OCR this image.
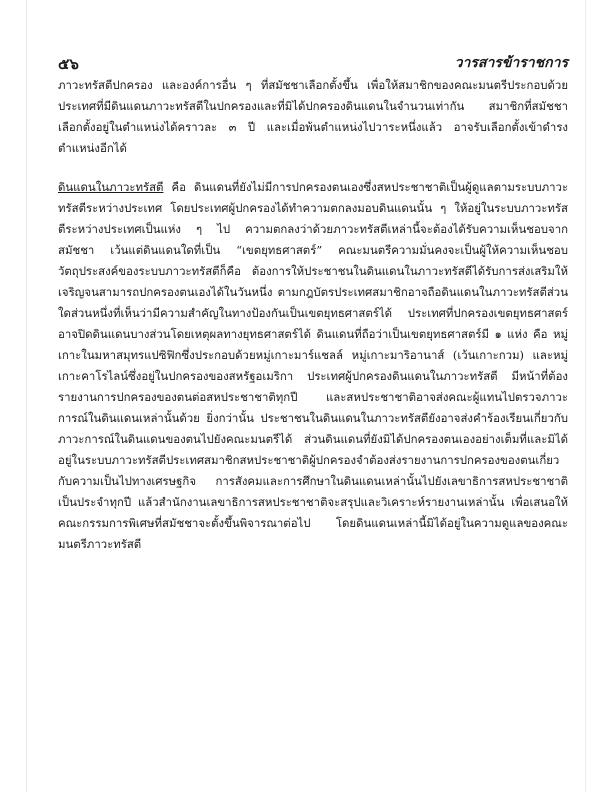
๕๖	วารสารข้าราชการ

ภาวะทรัสตีปกครอง และองค์การอื่น ๆ ที่สมัชชาเลือกตั้งขึ้น เพื่อให้สมาชิกของคณะมนตรีประกอบด้วยประเทศที่มีดินแดนภาวะทรัสตีในปกครองและที่มิได้ปกครองดินแดนในจำนวนเท่ากัน สมาชิกที่สมัชชาเลือกตั้งอยู่ในตำแหน่งได้คราวละ ๓ ปี และเมื่อพ้นตำแหน่งไปวาระหนึ่งแล้ว อาจรับเลือกตั้งเข้าดำรงตำแหน่งอีกได้

ดินแดนในภาวะทรัสตี คือ ดินแดนที่ยังไม่มีการปกครองตนเองซึ่งสหประชาชาติเป็นผู้ดูแลตามระบบภาวะทรัสตีระหว่างประเทศ โดยประเทศผู้ปกครองได้ทำความตกลงมอบดินแดนนั้น ๆ ให้อยู่ในระบบภาวะทรัสตีระหว่างประเทศเป็นแห่ง ๆ ไป ความตกลงว่าด้วยภาวะทรัสตีเหล่านี้จะต้องได้รับความเห็นชอบจากสมัชชา เว้นแต่ดินแดนใดที่เป็น “เขตยุทธศาสตร์” คณะมนตรีความมั่นคงจะเป็นผู้ให้ความเห็นชอบ วัตถุประสงค์ของระบบภาวะทรัสตีก็คือ ต้องการให้ประชาชนในดินแดนในภาวะทรัสตีได้รับการส่งเสริมให้เจริญจนสามารถปกครองตนเองได้ในวันหนึ่ง ตามกฎบัตรประเทศสมาชิกอาจถือดินแดนในภาวะทรัสตีส่วนใดส่วนหนึ่งที่เห็นว่ามีความสำคัญในทางป้องกันเป็นเขตยุทธศาสตร์ได้ ประเทศที่ปกครองเขตยุทธศาสตร์อาจปิดดินแดนบางส่วนโดยเหตุผลทางยุทธศาสตร์ได้ ดินแดนที่ถือว่าเป็นเขตยุทธศาสตร์มี ๑ แห่ง คือ หมู่เกาะในมหาสมุทรแปซิฟิกซึ่งประกอบด้วยหมู่เกาะมาร์แชลล์ หมู่เกาะมาริอานาส์ (เว้นเกาะกวม) และหมู่เกาะคาโรไลน์ซึ่งอยู่ในปกครองของสหรัฐอเมริกา ประเทศผู้ปกครองดินแดนในภาวะทรัสตี มีหน้าที่ต้องรายงานการปกครองของตนต่อสหประชาชาติทุกปี และสหประชาชาติอาจส่งคณะผู้แทนไปตรวจภาวะการณ์ในดินแดนเหล่านั้นด้วย ยิ่งกว่านั้น ประชาชนในดินแดนในภาวะทรัสตียังอาจส่งคำร้องเรียนเกี่ยวกับภาวะการณ์ในดินแดนของตนไปยังคณะมนตรีได้ ส่วนดินแดนที่ยังมิได้ปกครองตนเองอย่างเต็มที่และมิได้อยู่ในระบบภาวะทรัสตีประเทศสมาชิกสหประชาชาติผู้ปกครองจำต้องส่งรายงานการปกครองของตนเกี่ยวกับความเป็นไปทางเศรษฐกิจ การสังคมและการศึกษาในดินแดนเหล่านั้นไปยังเลขาธิการสหประชาชาติเป็นประจำทุกปี แล้วสำนักงานเลขาธิการสหประชาชาติจะสรุปและวิเคราะห์รายงานเหล่านั้น เพื่อเสนอให้คณะกรรมการพิเศษที่สมัชชาจะตั้งขึ้นพิจารณาต่อไป โดยดินแดนเหล่านี้มิได้อยู่ในความดูแลของคณะมนตรีภาวะทรัสตี
